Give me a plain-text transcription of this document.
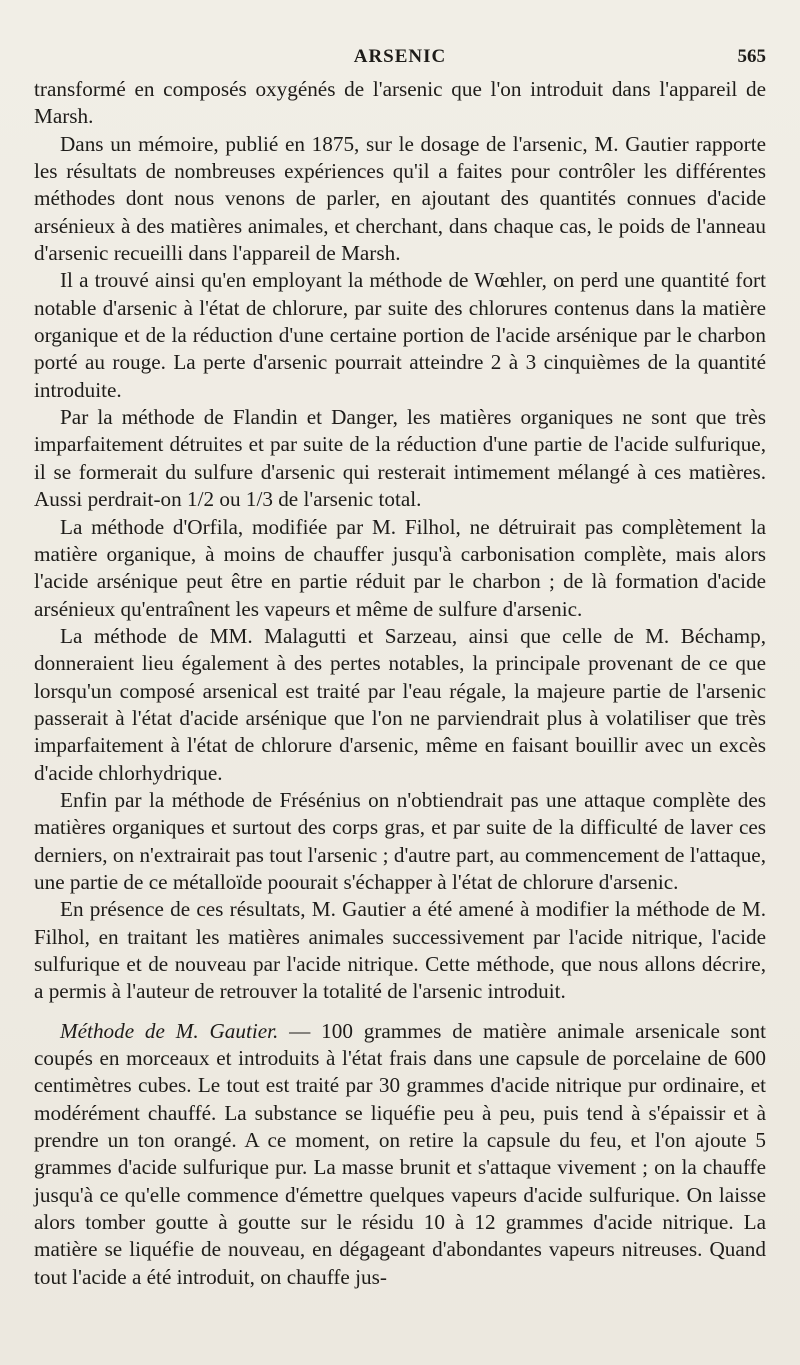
ARSENIC	565

transformé en composés oxygénés de l'arsenic que l'on introduit dans l'appareil de Marsh.

Dans un mémoire, publié en 1875, sur le dosage de l'arsenic, M. Gautier rapporte les résultats de nombreuses expériences qu'il a faites pour contrôler les différentes méthodes dont nous venons de parler, en ajoutant des quantités connues d'acide arsénieux à des matières animales, et cherchant, dans chaque cas, le poids de l'anneau d'arsenic recueilli dans l'appareil de Marsh.

Il a trouvé ainsi qu'en employant la méthode de Wœhler, on perd une quantité fort notable d'arsenic à l'état de chlorure, par suite des chlorures contenus dans la matière organique et de la réduction d'une certaine portion de l'acide arsénique par le charbon porté au rouge. La perte d'arsenic pourrait atteindre 2 à 3 cinquièmes de la quantité introduite.

Par la méthode de Flandin et Danger, les matières organiques ne sont que très imparfaitement détruites et par suite de la réduction d'une partie de l'acide sulfurique, il se formerait du sulfure d'arsenic qui resterait intimement mélangé à ces matières. Aussi perdrait-on 1/2 ou 1/3 de l'arsenic total.

La méthode d'Orfila, modifiée par M. Filhol, ne détruirait pas complètement la matière organique, à moins de chauffer jusqu'à carbonisation complète, mais alors l'acide arsénique peut être en partie réduit par le charbon ; de là formation d'acide arsénieux qu'entraînent les vapeurs et même de sulfure d'arsenic.

La méthode de MM. Malagutti et Sarzeau, ainsi que celle de M. Béchamp, donneraient lieu également à des pertes notables, la principale provenant de ce que lorsqu'un composé arsenical est traité par l'eau régale, la majeure partie de l'arsenic passerait à l'état d'acide arsénique que l'on ne parviendrait plus à volatiliser que très imparfaitement à l'état de chlorure d'arsenic, même en faisant bouillir avec un excès d'acide chlorhydrique.

Enfin par la méthode de Frésénius on n'obtiendrait pas une attaque complète des matières organiques et surtout des corps gras, et par suite de la difficulté de laver ces derniers, on n'extrairait pas tout l'arsenic ; d'autre part, au commencement de l'attaque, une partie de ce métalloïde poourait s'échapper à l'état de chlorure d'arsenic.

En présence de ces résultats, M. Gautier a été amené à modifier la méthode de M. Filhol, en traitant les matières animales successivement par l'acide nitrique, l'acide sulfurique et de nouveau par l'acide nitrique. Cette méthode, que nous allons décrire, a permis à l'auteur de retrouver la totalité de l'arsenic introduit.

Méthode de M. Gautier. — 100 grammes de matière animale arsenicale sont coupés en morceaux et introduits à l'état frais dans une capsule de porcelaine de 600 centimètres cubes. Le tout est traité par 30 grammes d'acide nitrique pur ordinaire, et modérément chauffé. La substance se liquéfie peu à peu, puis tend à s'épaissir et à prendre un ton orangé. A ce moment, on retire la capsule du feu, et l'on ajoute 5 grammes d'acide sulfurique pur. La masse brunit et s'attaque vivement ; on la chauffe jusqu'à ce qu'elle commence d'émettre quelques vapeurs d'acide sulfurique. On laisse alors tomber goutte à goutte sur le résidu 10 à 12 grammes d'acide nitrique. La matière se liquéfie de nouveau, en dégageant d'abondantes vapeurs nitreuses. Quand tout l'acide a été introduit, on chauffe jus-
